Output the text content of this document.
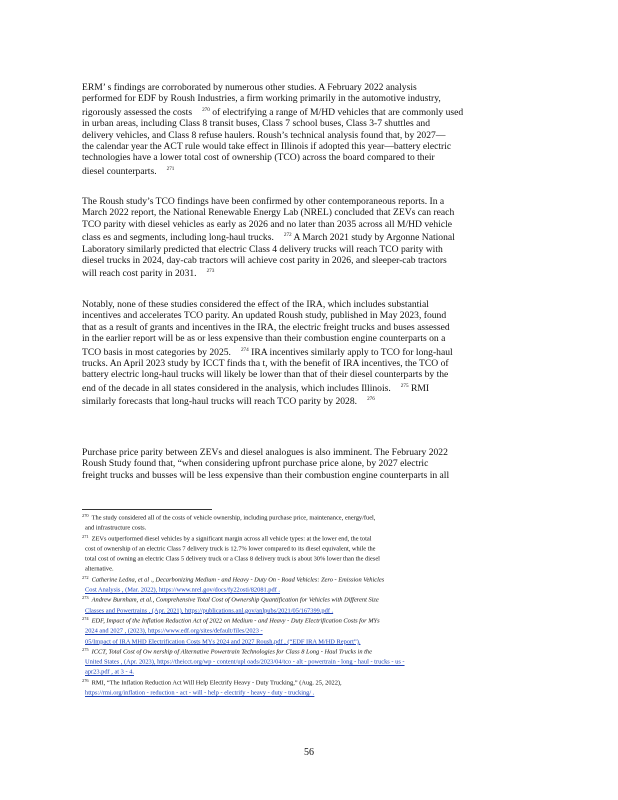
ERM’ s findings are corroborated by numerous other studies. A February 2022 analysis
performed for EDF by Roush Industries, a firm working primarily in the automotive industry,
rigorously assessed the costs $^{270}$ of electrifying a range of M/HD vehicles that are commonly used
in urban areas, including Class 8 transit buses, Class 7 school buses, Class 3-7 shuttles and
delivery vehicles, and Class 8 refuse haulers. Roush’s technical analysis found that, by 2027—
the calendar year the ACT rule would take effect in Illinois if adopted this year—battery electric
technologies have a lower total cost of ownership (TCO) across the board compared to their
diesel counterparts. $^{271}$

The Roush study’s TCO findings have been confirmed by other contemporaneous reports. In a
March 2022 report, the National Renewable Energy Lab (NREL) concluded that ZEVs can reach
TCO parity with diesel vehicles as early as 2026 and no later than 2035 across all M/HD vehicle
class es and segments, including long-haul trucks. $^{272}$ A March 2021 study by Argonne National
Laboratory similarly predicted that electric Class 4 delivery trucks will reach TCO parity with
diesel trucks in 2024, day-cab tractors will achieve cost parity in 2026, and sleeper-cab tractors
will reach cost parity in 2031. $^{273}$

Notably, none of these studies considered the effect of the IRA, which includes substantial
incentives and accelerates TCO parity. An updated Roush study, published in May 2023, found
that as a result of grants and incentives in the IRA, the electric freight trucks and buses assessed
in the earlier report will be as or less expensive than their combustion engine counterparts on a
TCO basis in most categories by 2025. $^{274}$ IRA incentives similarly apply to TCO for long-haul
trucks. An April 2023 study by ICCT finds tha t, with the benefit of IRA incentives, the TCO of
battery electric long-haul trucks will likely be lower than that of their diesel counterparts by the
end of the decade in all states considered in the analysis, which includes Illinois. $^{275}$ RMI
similarly forecasts that long-haul trucks will reach TCO parity by 2028. $^{276}$

Purchase price parity between ZEVs and diesel analogues is also imminent. The February 2022
Roush Study found that, “when considering upfront purchase price alone, by 2027 electric
freight trucks and busses will be less expensive than their combustion engine counterparts in all

$^{270}$ The study considered all of the costs of vehicle ownership, including purchase price, maintenance, energy/fuel,
and infrastructure costs.
$^{271}$ ZEVs outperformed diesel vehicles by a significant margin across all vehicle types: at the lower end, the total
cost of ownership of an electric Class 7 delivery truck is 12.7% lower compared to its diesel equivalent, while the
total cost of owning an electric Class 5 delivery truck or a Class 8 delivery truck is about 30% lower than the diesel
alternative.
$^{272}$ Catherine Ledna, et al ., Decarbonizing Medium - and Heavy - Duty On - Road Vehicles: Zero - Emission Vehicles
Cost Analysis , (Mar. 2022), https://www.nrel.gov/docs/fy22osti/82081.pdf .
$^{273}$ Andrew Burnham, et al., Comprehensive Total Cost of Ownership Quantification for Vehicles with Different Size
Classes and Powertrains , (Apr. 2021), https://publications.anl.gov/anlpubs/2021/05/167399.pdf .
$^{274}$ EDF, Impact of the Inflation Reduction Act of 2022 on Medium - and Heavy - Duty Electrification Costs for MYs
2024 and 2027 , (2023), https://www.edf.org/sites/default/files/2023 -
05/Impact of IRA MHD Electrification Costs MYs 2024 and 2027 Roush.pdf , (“EDF IRA M/HD Report”).
$^{275}$ ICCT, Total Cost of Ow nership of Alternative Powertrain Technologies for Class 8 Long - Haul Trucks in the
United States , (Apr. 2023), https://theicct.org/wp - content/upl oads/2023/04/tco - alt - powertrain - long - haul - trucks - us -
apr23.pdf , at 3 - 4.
$^{276}$ RMI, “The Inflation Reduction Act Will Help Electrify Heavy - Duty Trucking,” (Aug. 25, 2022),
https://rmi.org/inflation - reduction - act - will - help - electrify - heavy - duty - trucking/ .
56
